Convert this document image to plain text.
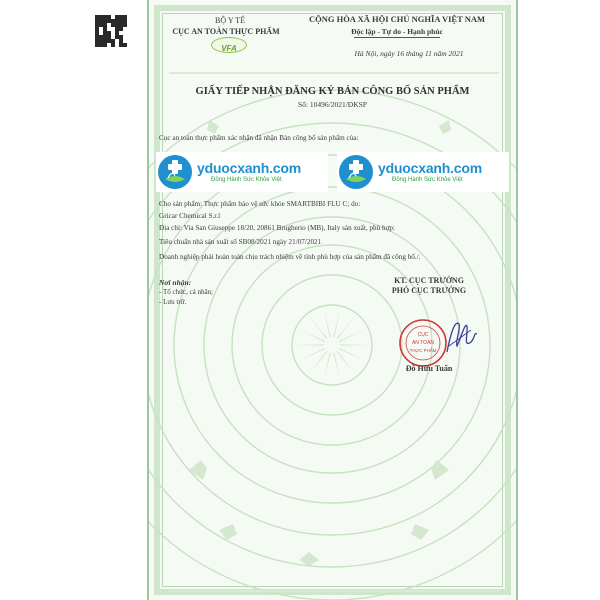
BỘ Y TẾ
CỤC AN TOÀN THỰC PHẨM
VFA
CỘNG HÒA XÃ HỘI CHỦ NGHĨA VIỆT NAM
Độc lập - Tự do - Hạnh phúc
Hà Nội, ngày 16 tháng 11 năm 2021
GIẤY TIẾP NHẬN ĐĂNG KÝ BẢN CÔNG BỐ SẢN PHẨM
Số: 10496/2021/ĐKSP
Cục an toàn thực phẩm xác nhận đã nhận Bản công bố sản phẩm của:
yduocxanh.com
Đồng Hành Sức Khỏe Việt
yduocxanh.com
Đồng Hành Sức Khỏe Việt
Cho sản phẩm: Thực phẩm bảo vệ sức khỏe SMARTBIBI FLU C; do:
Gricar Chemical S.r.l
Địa chỉ: Via San Giuseppe 18/20, 20861 Brugherio (MB), Italy sản xuất, phù hợp:
Tiêu chuẩn nhà sản xuất số SB08/2021 ngày 21/07/2021
Doanh nghiệp phải hoàn toàn chịu trách nhiệm về tính phù hợp của sản phẩm đã công bố./.
Nơi nhận:
- Tổ chức, cá nhân;
- Lưu trữ.
KT. CỤC TRƯỞNG
PHÓ CỤC TRƯỞNG
CỤC
AN TOÀN
THỰC PHẨM
Đỗ Hữu Tuấn
